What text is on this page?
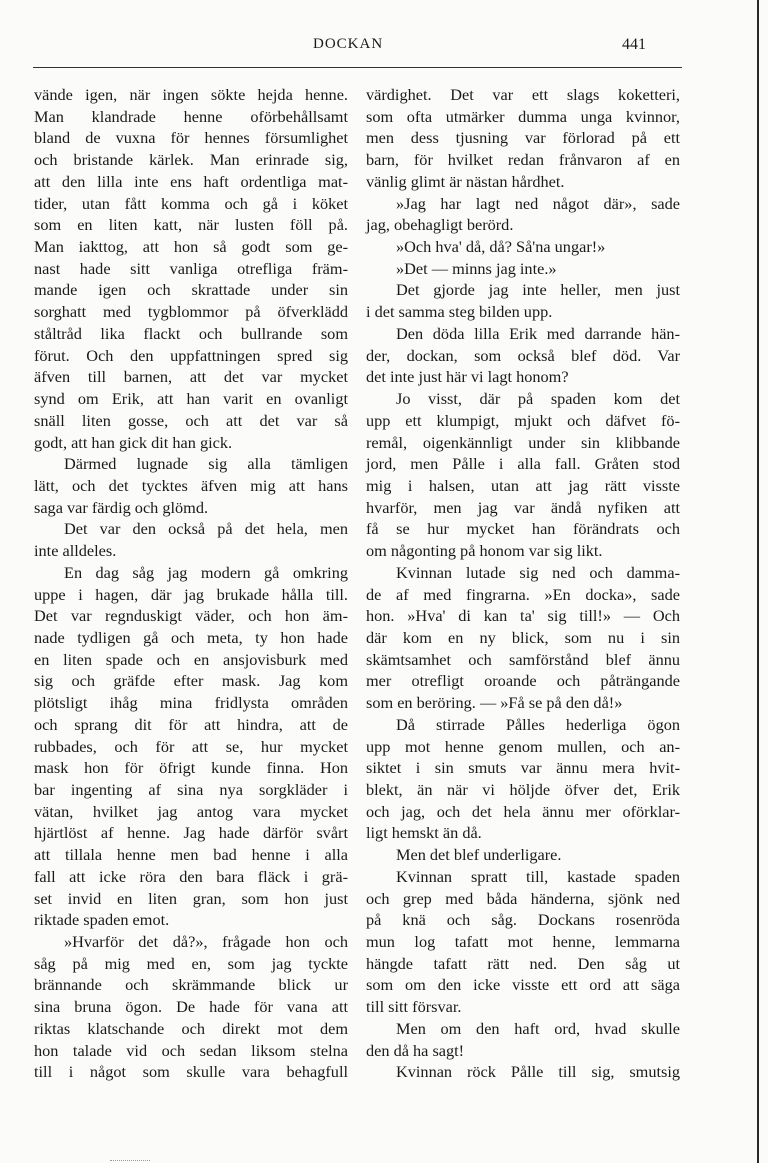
DOCKAN	441
vände igen, när ingen sökte hejda henne.
Man klandrade henne oförbehållsamt
bland de vuxna för hennes försumlighet
och bristande kärlek. Man erinrade sig,
att den lilla inte ens haft ordentliga mat-
tider, utan fått komma och gå i köket
som en liten katt, när lusten föll på.
Man iakttog, att hon så godt som ge-
nast hade sitt vanliga otrefliga främ-
mande igen och skrattade under sin
sorghatt med tygblommor på öfverklädd
ståltråd lika flackt och bullrande som
förut. Och den uppfattningen spred sig
äfven till barnen, att det var mycket
synd om Erik, att han varit en ovanligt
snäll liten gosse, och att det var så
godt, att han gick dit han gick.
Därmed lugnade sig alla tämligen
lätt, och det tycktes äfven mig att hans
saga var färdig och glömd.
Det var den också på det hela, men
inte alldeles.
En dag såg jag modern gå omkring
uppe i hagen, där jag brukade hålla till.
Det var regnduskigt väder, och hon äm-
nade tydligen gå och meta, ty hon hade
en liten spade och en ansjovisburk med
sig och gräfde efter mask. Jag kom
plötsligt ihåg mina fridlysta områden
och sprang dit för att hindra, att de
rubbades, och för att se, hur mycket
mask hon för öfrigt kunde finna. Hon
bar ingenting af sina nya sorgkläder i
vätan, hvilket jag antog vara mycket
hjärtlöst af henne. Jag hade därför svårt
att tillala henne men bad henne i alla
fall att icke röra den bara fläck i grä-
set invid en liten gran, som hon just
riktade spaden emot.
»Hvarför det då?», frågade hon och
såg på mig med en, som jag tyckte
brännande och skrämmande blick ur
sina bruna ögon. De hade för vana att
riktas klatschande och direkt mot dem
hon talade vid och sedan liksom stelna
till i något som skulle vara behagfull
värdighet. Det var ett slags koketteri,
som ofta utmärker dumma unga kvinnor,
men dess tjusning var förlorad på ett
barn, för hvilket redan frånvaron af en
vänlig glimt är nästan hårdhet.
»Jag har lagt ned något där», sade
jag, obehagligt berörd.
»Och hva' då, då? Så'na ungar!»
»Det — minns jag inte.»
Det gjorde jag inte heller, men just
i det samma steg bilden upp.
Den döda lilla Erik med darrande hän-
der, dockan, som också blef död. Var
det inte just här vi lagt honom?
Jo visst, där på spaden kom det
upp ett klumpigt, mjukt och däfvet fö-
remål, oigenkännligt under sin klibbande
jord, men Pålle i alla fall. Gråten stod
mig i halsen, utan att jag rätt visste
hvarför, men jag var ändå nyfiken att
få se hur mycket han förändrats och
om någonting på honom var sig likt.
Kvinnan lutade sig ned och damma-
de af med fingrarna. »En docka», sade
hon. »Hva' di kan ta' sig till!» — Och
där kom en ny blick, som nu i sin
skämtsamhet och samförstånd blef ännu
mer otrefligt oroande och påträngande
som en beröring. — »Få se på den då!»
Då stirrade Pålles hederliga ögon
upp mot henne genom mullen, och an-
siktet i sin smuts var ännu mera hvit-
blekt, än när vi höljde öfver det, Erik
och jag, och det hela ännu mer oförklar-
ligt hemskt än då.
Men det blef underligare.
Kvinnan spratt till, kastade spaden
och grep med båda händerna, sjönk ned
på knä och såg. Dockans rosenröda
mun log tafatt mot henne, lemmarna
hängde tafatt rätt ned. Den såg ut
som om den icke visste ett ord att säga
till sitt försvar.
Men om den haft ord, hvad skulle
den då ha sagt!
Kvinnan röck Pålle till sig, smutsig
